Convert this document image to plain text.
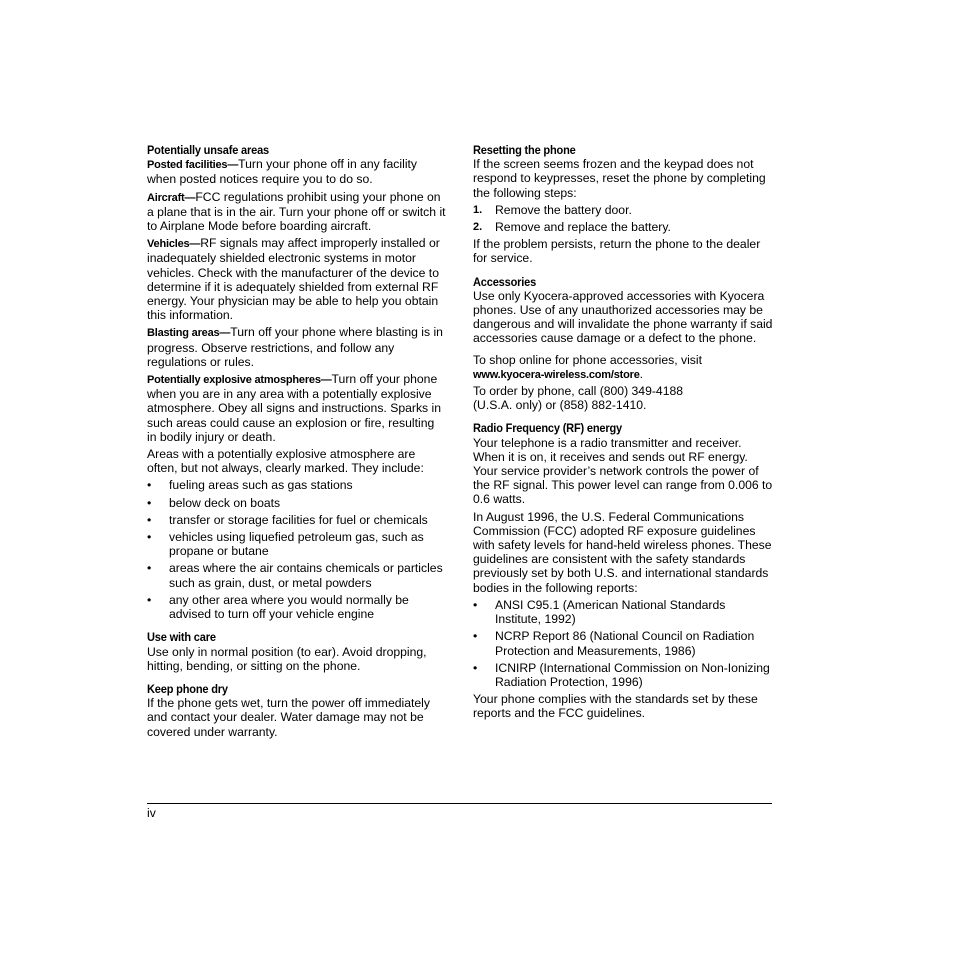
Potentially unsafe areas

Posted facilities—Turn your phone off in any facility when posted notices require you to do so.

Aircraft—FCC regulations prohibit using your phone on a plane that is in the air. Turn your phone off or switch it to Airplane Mode before boarding aircraft.

Vehicles—RF signals may affect improperly installed or inadequately shielded electronic systems in motor vehicles. Check with the manufacturer of the device to determine if it is adequately shielded from external RF energy. Your physician may be able to help you obtain this information.

Blasting areas—Turn off your phone where blasting is in progress. Observe restrictions, and follow any regulations or rules.

Potentially explosive atmospheres—Turn off your phone when you are in any area with a potentially explosive atmosphere. Obey all signs and instructions. Sparks in such areas could cause an explosion or fire, resulting in bodily injury or death.

Areas with a potentially explosive atmosphere are often, but not always, clearly marked. They include:

•	fueling areas such as gas stations
•	below deck on boats
•	transfer or storage facilities for fuel or chemicals
•	vehicles using liquefied petroleum gas, such as propane or butane
•	areas where the air contains chemicals or particles such as grain, dust, or metal powders
•	any other area where you would normally be advised to turn off your vehicle engine
Use with care

Use only in normal position (to ear). Avoid dropping, hitting, bending, or sitting on the phone.

Keep phone dry

If the phone gets wet, turn the power off immediately and contact your dealer. Water damage may not be covered under warranty.

Resetting the phone

If the screen seems frozen and the keypad does not respond to keypresses, reset the phone by completing the following steps:

1.	Remove the battery door.
2.	Remove and replace the battery.

If the problem persists, return the phone to the dealer for service.

Accessories

Use only Kyocera-approved accessories with Kyocera phones. Use of any unauthorized accessories may be dangerous and will invalidate the phone warranty if said accessories cause damage or a defect to the phone.

To shop online for phone accessories, visit

www.kyocera-wireless.com/store.

To order by phone, call (800) 349-4188

(U.S.A. only) or (858) 882-1410.

Radio Frequency (RF) energy

Your telephone is a radio transmitter and receiver. When it is on, it receives and sends out RF energy. Your service provider’s network controls the power of the RF signal. This power level can range from 0.006 to 0.6 watts.

In August 1996, the U.S. Federal Communications Commission (FCC) adopted RF exposure guidelines with safety levels for hand-held wireless phones. These guidelines are consistent with the safety standards previously set by both U.S. and international standards bodies in the following reports:

•	ANSI C95.1 (American National Standards Institute, 1992)
•	NCRP Report 86 (National Council on Radiation Protection and Measurements, 1986)
•	ICNIRP (International Commission on Non-Ionizing Radiation Protection, 1996)

Your phone complies with the standards set by these reports and the FCC guidelines.

iv
